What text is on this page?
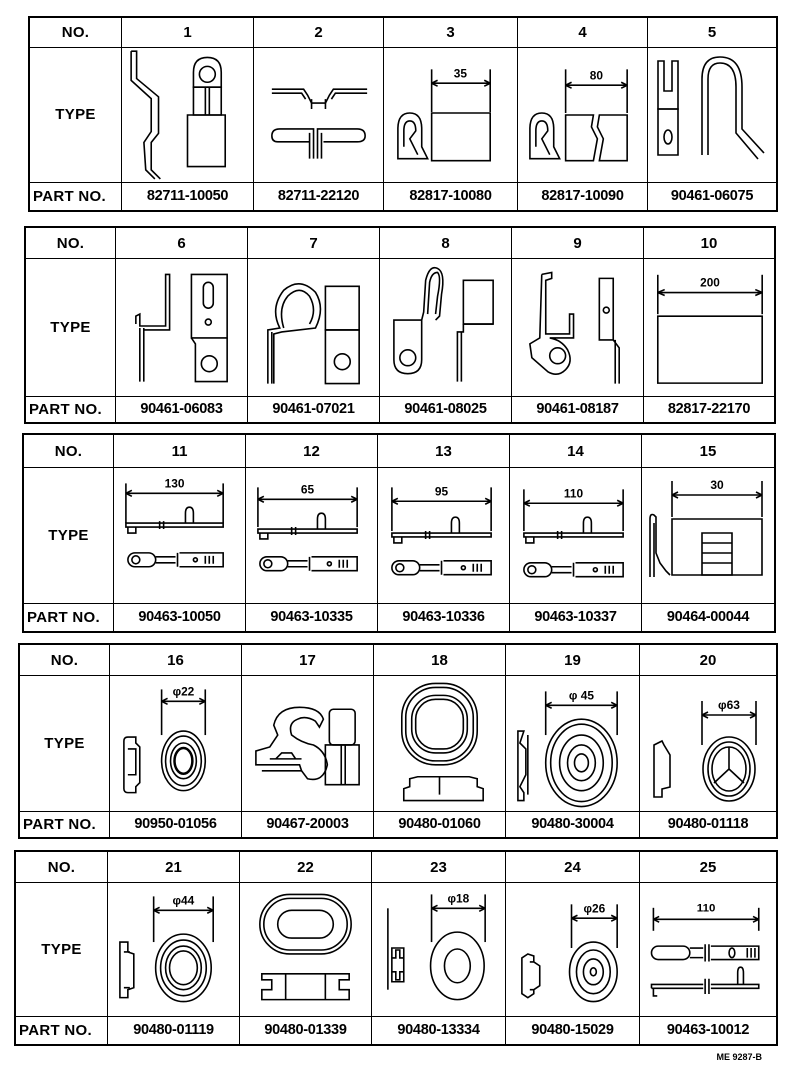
NO.	1	2	3	4	5
TYPE
35	80
PART NO.	82711-10050	82711-22120	82817-10080	82817-10090	90461-06075
NO.	6	7	8	9	10
TYPE
200
PART NO.	90461-06083	90461-07021	90461-08025	90461-08187	82817-22170
NO.	11	12	13	14	15
TYPE
130	65	95	110
30
PART NO.	90463-10050	90463-10335	90463-10336	90463-10337	90464-00044
NO.	16	17	18	19	20
TYPE
φ22	φ 45
φ63
PART NO.	90950-01056	90467-20003	90480-01060	90480-30004	90480-01118
NO.	21	22	23	24	25
TYPE
φ44	φ18
φ26	110
PART NO.	90480-01119	90480-01339	90480-13334	90480-15029	90463-10012
ME 9287-B
